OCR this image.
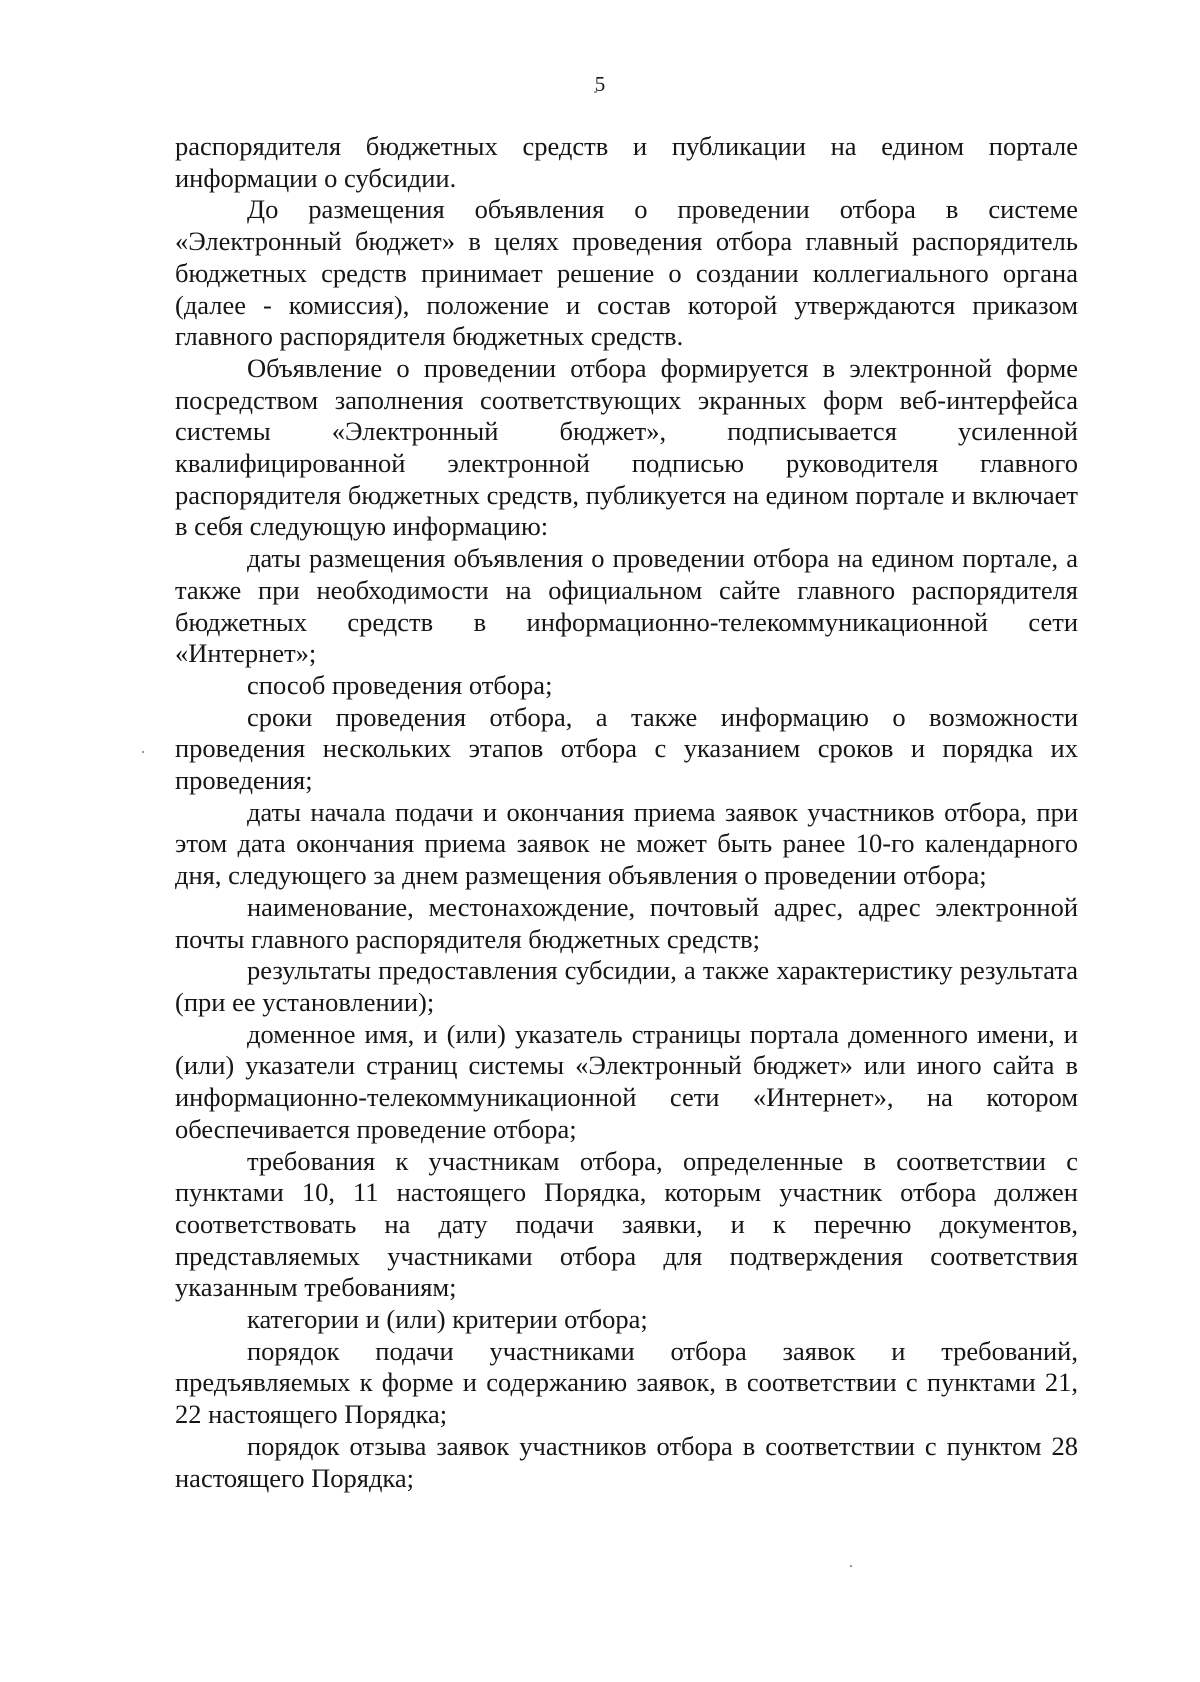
5

распорядителя бюджетных средств и публикации на едином портале информации о субсидии.

До размещения объявления о проведении отбора в системе «Электронный бюджет» в целях проведения отбора главный распорядитель бюджетных средств принимает решение о создании коллегиального органа (далее - комиссия), положение и состав которой утверждаются приказом главного распорядителя бюджетных средств.

Объявление о проведении отбора формируется в электронной форме посредством заполнения соответствующих экранных форм веб-интерфейса системы «Электронный бюджет», подписывается усиленной квалифицированной электронной подписью руководителя главного распорядителя бюджетных средств, публикуется на едином портале и включает в себя следующую информацию:

даты размещения объявления о проведении отбора на едином портале, а также при необходимости на официальном сайте главного распорядителя бюджетных средств в информационно-телекоммуникационной сети «Интернет»;

способ проведения отбора;

сроки проведения отбора, а также информацию о возможности проведения нескольких этапов отбора с указанием сроков и порядка их проведения;

даты начала подачи и окончания приема заявок участников отбора, при этом дата окончания приема заявок не может быть ранее 10-го календарного дня, следующего за днем размещения объявления о проведении отбора;

наименование, местонахождение, почтовый адрес, адрес электронной почты главного распорядителя бюджетных средств;

результаты предоставления субсидии, а также характеристику результата (при ее установлении);

доменное имя, и (или) указатель страницы портала доменного имени, и (или) указатели страниц системы «Электронный бюджет» или иного сайта в информационно-телекоммуникационной сети «Интернет», на котором обеспечивается проведение отбора;

требования к участникам отбора, определенные в соответствии с пунктами 10, 11 настоящего Порядка, которым участник отбора должен соответствовать на дату подачи заявки, и к перечню документов, представляемых участниками отбора для подтверждения соответствия указанным требованиям;

категории и (или) критерии отбора;

порядок подачи участниками отбора заявок и требований, предъявляемых к форме и содержанию заявок, в соответствии с пунктами 21, 22 настоящего Порядка;

порядок отзыва заявок участников отбора в соответствии с пунктом 28 настоящего Порядка;
